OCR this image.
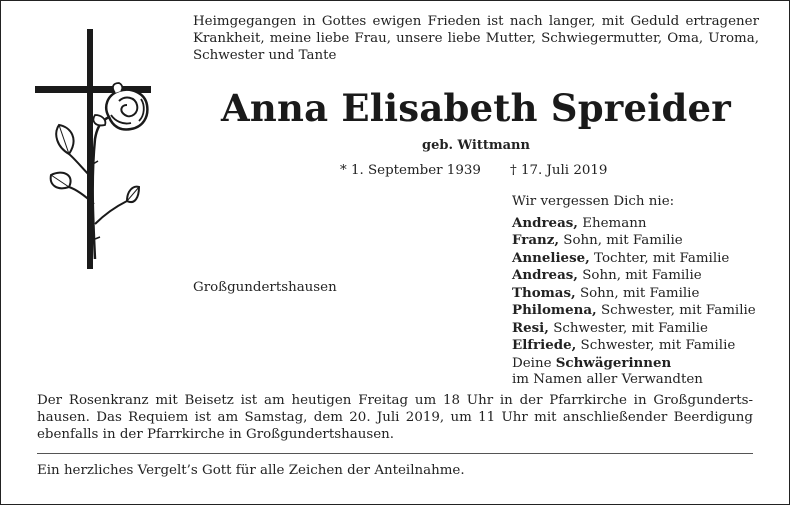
Heimgegangen in Gottes ewigen Frieden ist nach langer, mit Geduld ertragener Krankheit, meine liebe Frau, unsere liebe Mutter, Schwiegermutter, Oma, Uroma, Schwester und Tante
Anna Elisabeth Spreider
geb. Wittmann
* 1. September 1939 † 17. Juli 2019
Großgundertshausen
Wir vergessen Dich nie:
Andreas, Ehemann
Franz, Sohn, mit Familie
Anneliese, Tochter, mit Familie
Andreas, Sohn, mit Familie
Thomas, Sohn, mit Familie
Philomena, Schwester, mit Familie
Resi, Schwester, mit Familie
Elfriede, Schwester, mit Familie
Deine Schwägerinnen
im Namen aller Verwandten
Der Rosenkranz mit Beisetz ist am heutigen Freitag um 18 Uhr in der Pfarrkirche in Großgunderts-hausen. Das Requiem ist am Samstag, dem 20. Juli 2019, um 11 Uhr mit anschließender Beerdigung ebenfalls in der Pfarrkirche in Großgundertshausen.
Ein herzliches Vergelt’s Gott für alle Zeichen der Anteilnahme.
